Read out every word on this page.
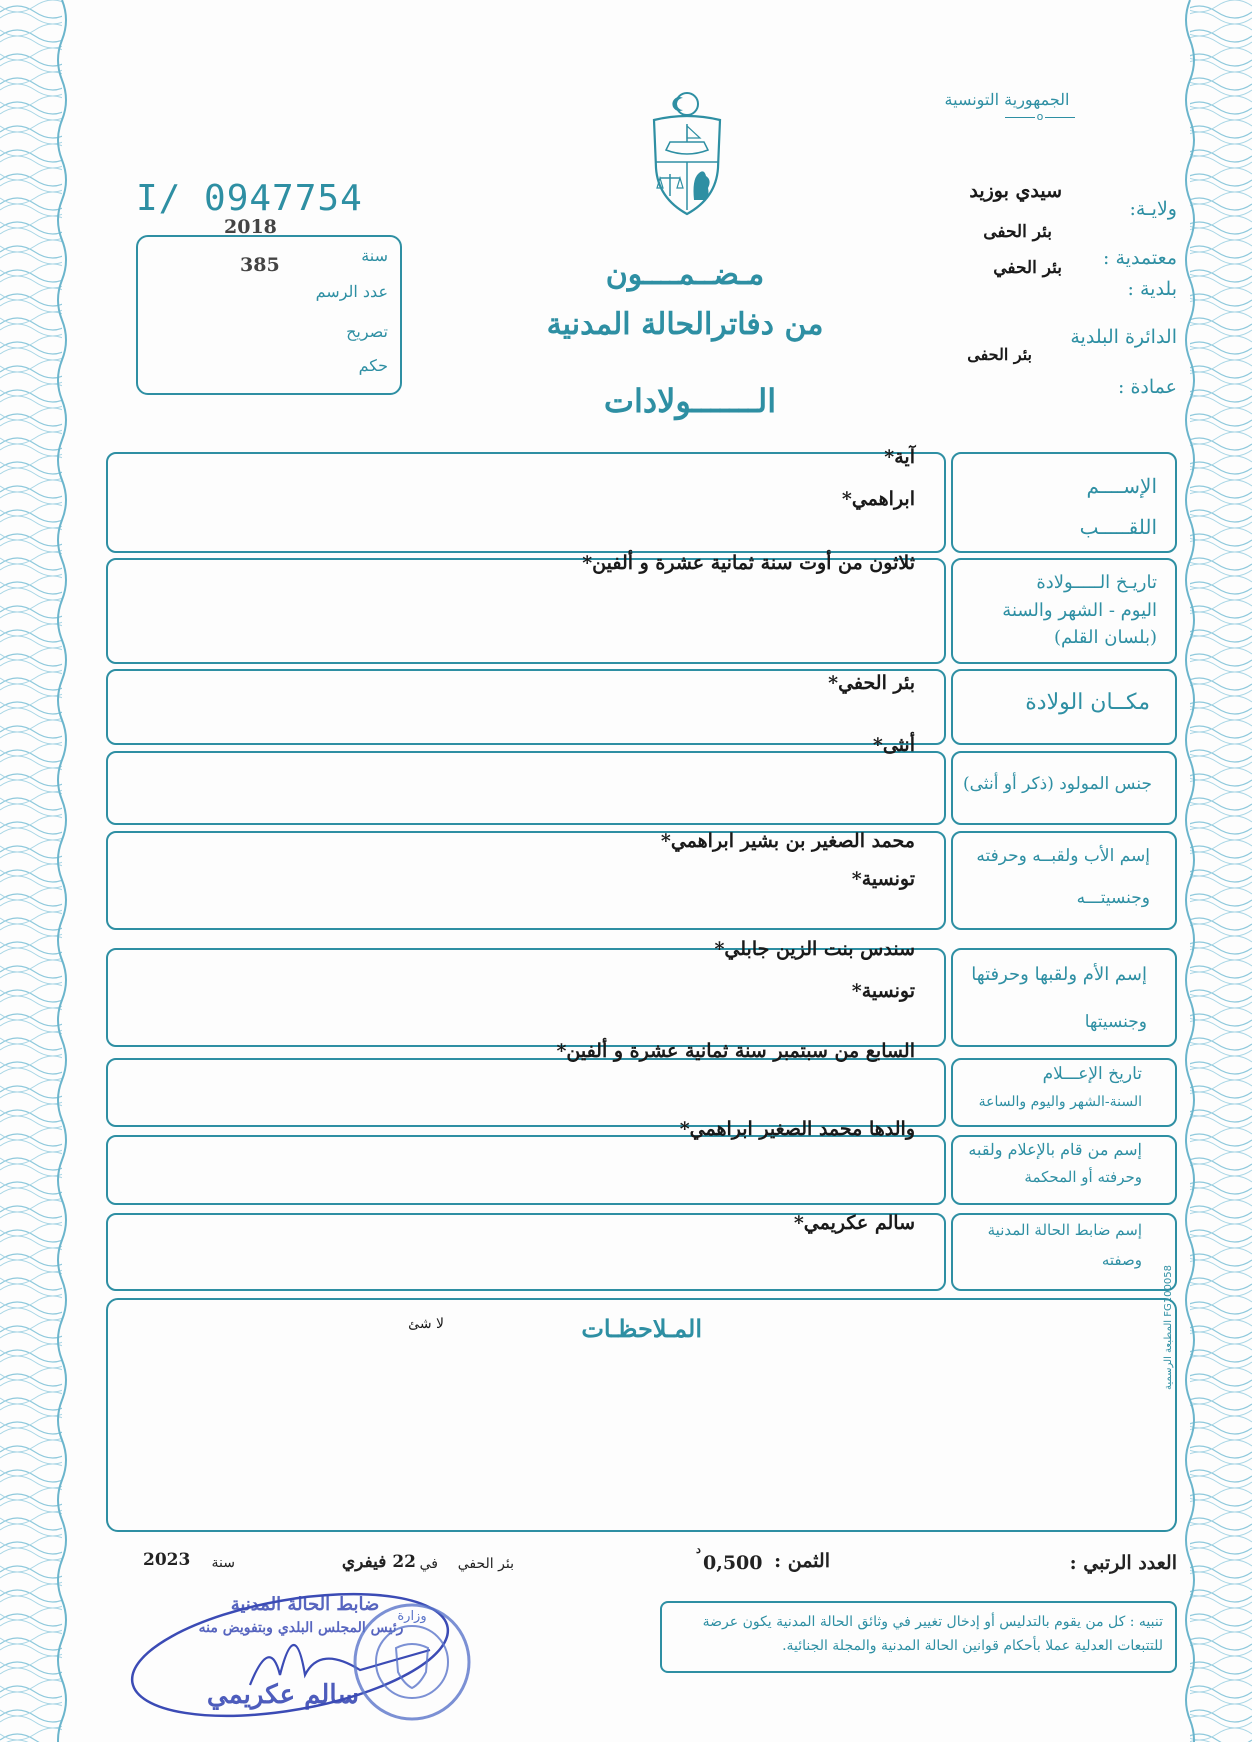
الجمهورية التونسية
o
ولايـة:
سيدي بوزيد
بئر الحفى
معتمدية :
بئر الحفي
بلدية :
الدائرة البلدية
بئر الحفى
عمادة :
مـضــمــــون
من دفاترالحالة المدنية
الـــــــولادات
I/ 0947754
2018
385	سنة
عدد الرسم
تصريح
حكم
الإســــم
اللقـــــب
آية*
ابراهمي*
تاريـخ الـــــولادة
اليوم - الشهر والسنة
(بلسان القلم)
ثلاثون من أوت سنة ثمانية عشرة و ألفين*
مكــان الولادة
بئر الحفي*
جنس المولود (ذكر أو أنثى)
أنثى*
إسم الأب ولقبــه وحرفته
وجنسيتـــه
محمد الصغير بن بشير ابراهمي*
تونسية*
إسم الأم ولقبها وحرفتها
وجنسيتها
سندس بنت الزين جابلي*
تونسية*
تاريخ الإعـــلام
السنة-الشهر واليوم والساعة
السابع من سبتمبر سنة ثمانية عشرة و ألفين*
إسم من قام بالإعلام ولقبه
وحرفته أو المحكمة
والدها محمد الصغير ابراهمي*
إسم ضابط الحالة المدنية
وصفته
سالم عكريمي*
المـلاحظـات
لا شئ	المطبعة الرسمية FG100058
العدد الرتبي :
الثمن :
0,500
د
بئر الحفي
في
22 فيفري
سنة
2023
تنبيه : كل من يقوم بالتدليس أو إدخال تغيير في وثائق الحالة المدنية يكون عرضة للتتبعات العدلية عملا بأحكام قوانين الحالة المدنية والمجلة الجنائية.
ضابط الحالة المدنية
رئيس المجلس البلدي وبتفويض منه
سالم عكريمي
وزارة
